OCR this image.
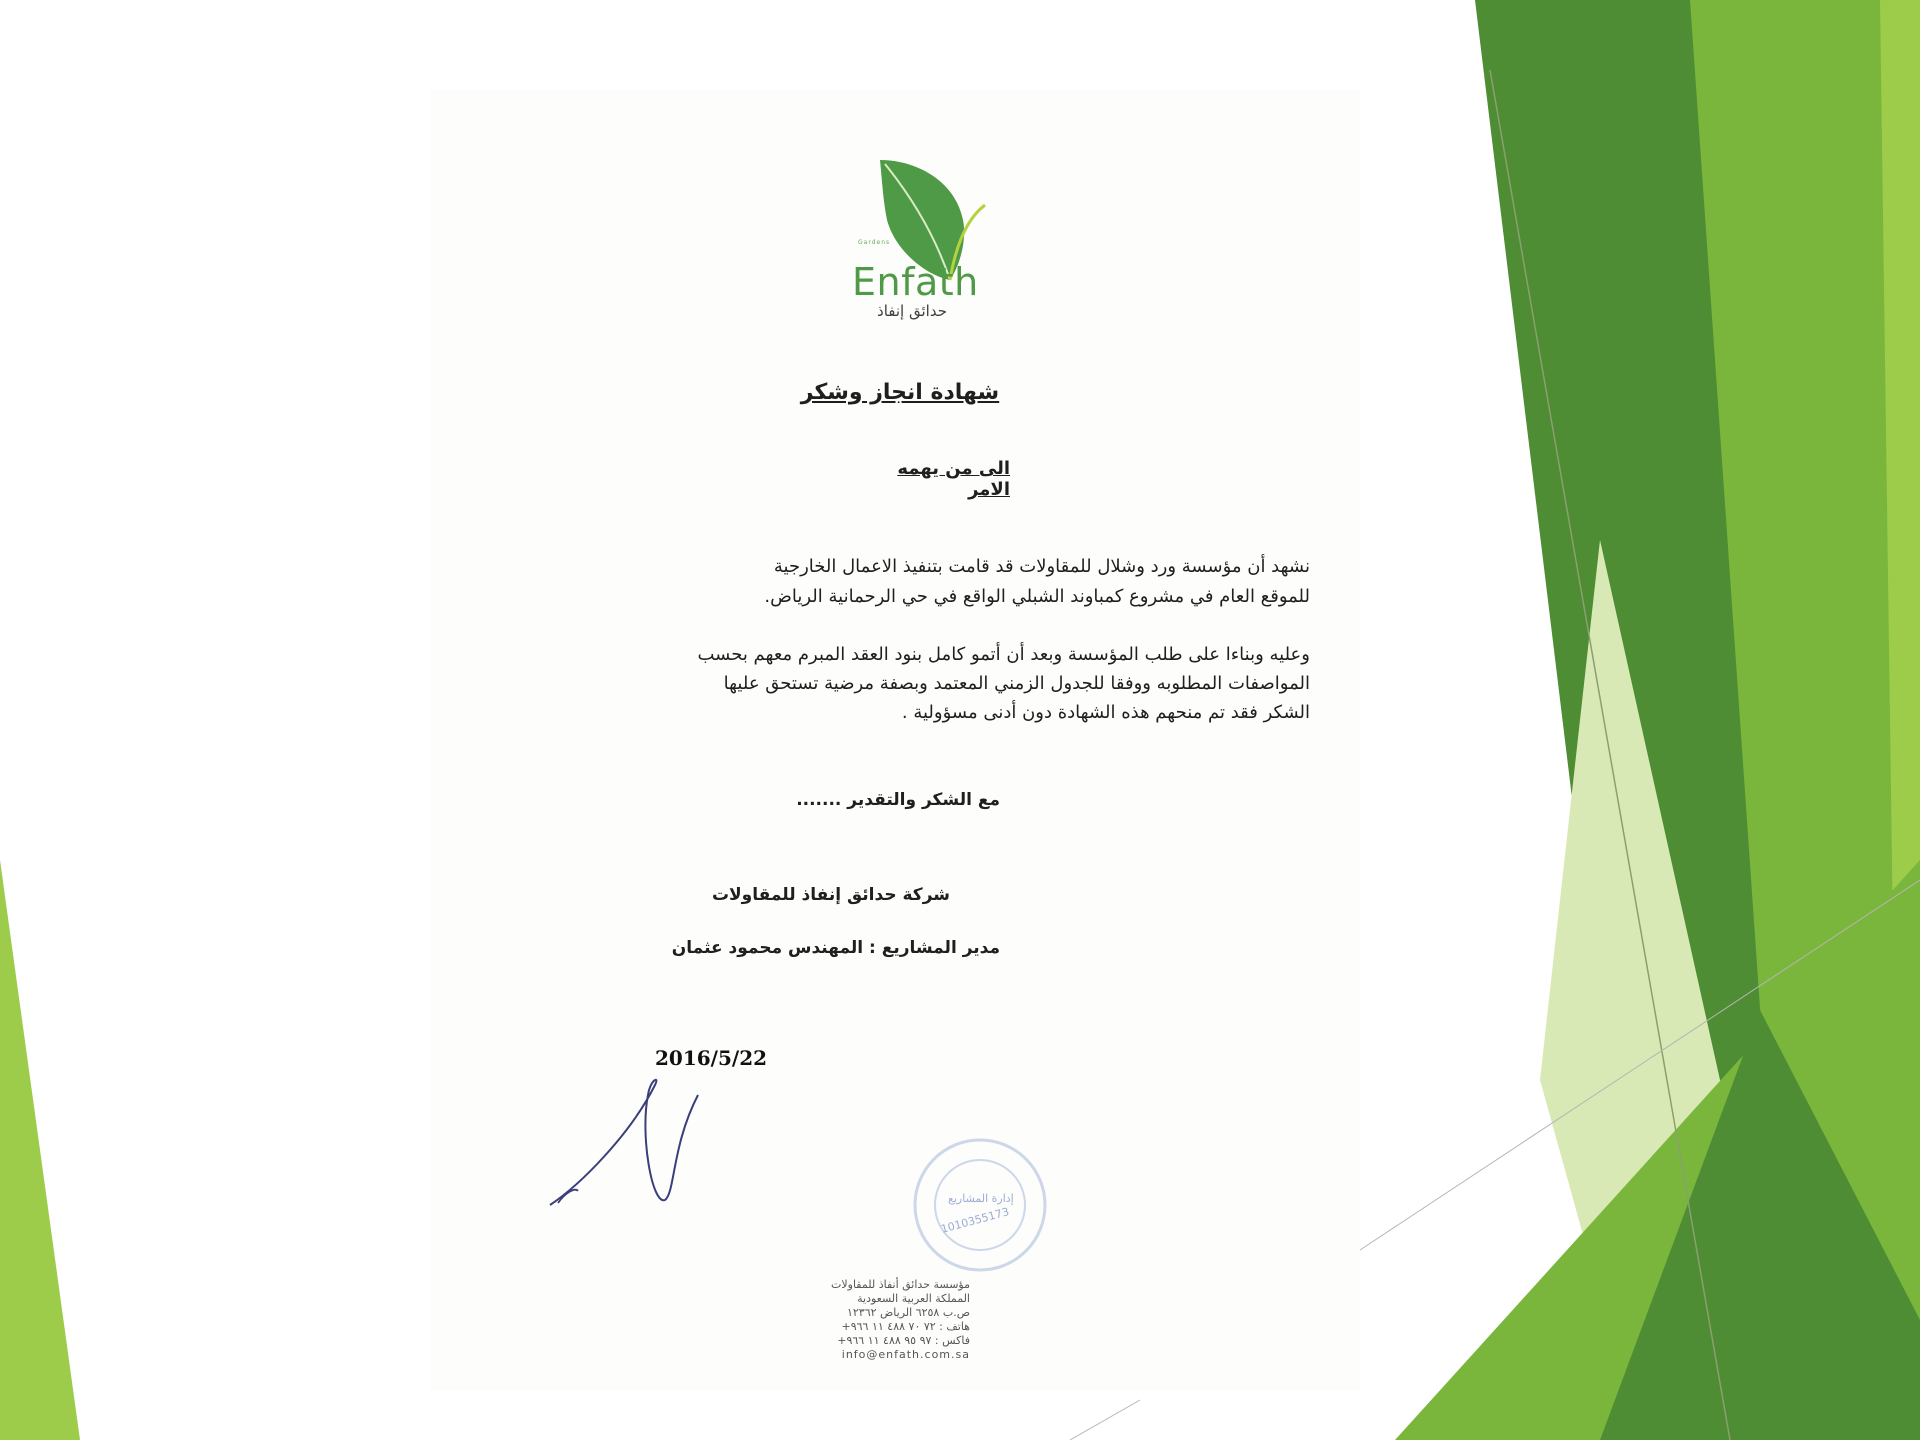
Gardens
Enfath
حدائق إنفاذ
شهادة انجاز وشكر
الى من يهمه الامر
نشهد أن مؤسسة ورد وشلال للمقاولات قد قامت بتنفيذ الاعمال الخارجية
للموقع العام في مشروع كمباوند الشبلي الواقع في حي الرحمانية الرياض.
وعليه وبناءا على طلب المؤسسة وبعد أن أتمو كامل بنود العقد المبرم معهم بحسب
المواصفات المطلوبه ووفقا للجدول الزمني المعتمد وبصفة مرضية تستحق عليها
الشكر فقد تم منحهم هذه الشهادة دون أدنى مسؤولية .
مع الشكر والتقدير .......
شركة حدائق إنفاذ للمقاولات
مدير المشاريع : المهندس محمود عثمان
2016/5/22
إدارة المشاريع
1010355173
مؤسسة حدائق أنفاذ للمقاولات
المملكة العربية السعودية
ص.ب ٦٢٥٨ الرياض ١٢٣٦٢
هاتف : ٧٢ ٧٠ ٤٨٨ ١١ ٩٦٦+
فاكس : ٩٧ ٩٥ ٤٨٨ ١١ ٩٦٦+
info@enfath.com.sa
